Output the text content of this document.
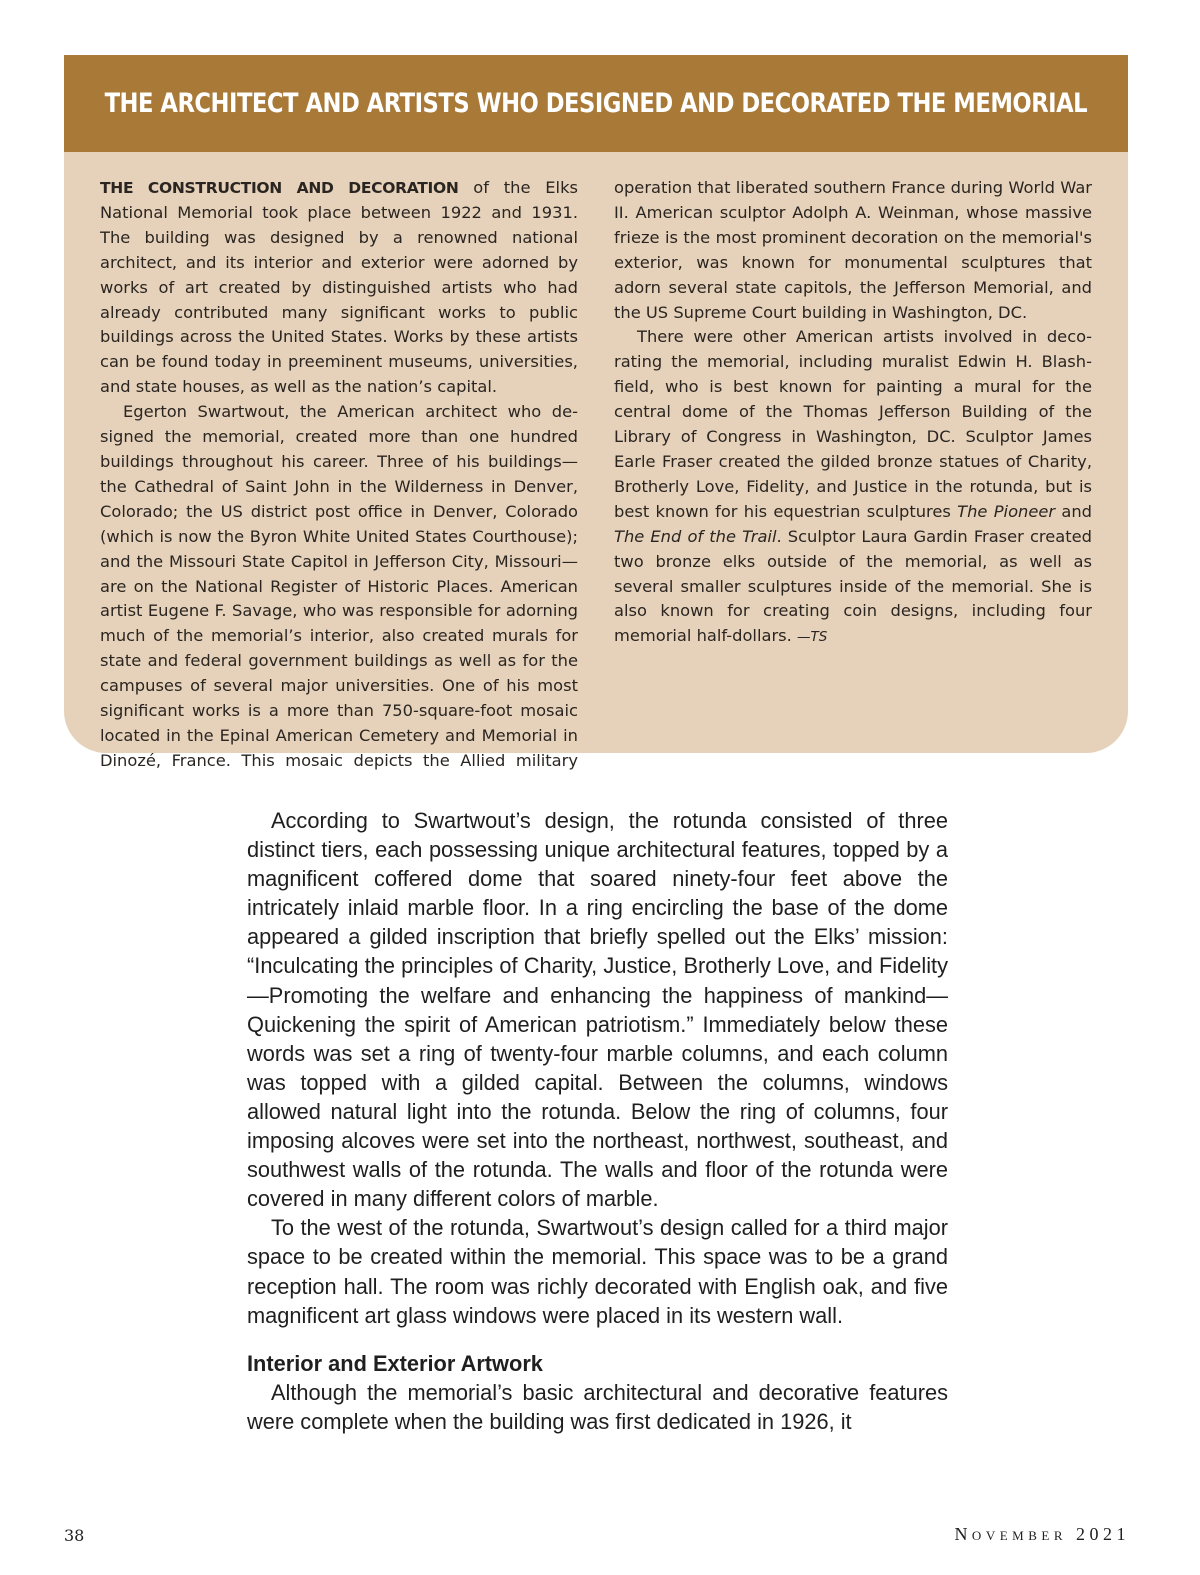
THE ARCHITECT AND ARTISTS WHO DESIGNED AND DECORATED THE MEMORIAL

THE CONSTRUCTION AND DECORATION of the Elks National Memorial took place between 1922 and 1931. The building was designed by a renowned national architect, and its interior and exterior were adorned by works of art created by distinguished artists who had already contributed many significant works to public buildings across the United States. Works by these artists can be found today in preeminent museums, universities, and state houses, as well as the nation’s capital.

Egerton Swartwout, the American architect who designed the memorial, created more than one hundred buildings throughout his career. Three of his buildings—the Cathedral of Saint John in the Wilderness in Denver, Colorado; the US district post office in Denver, Colorado (which is now the Byron White United States Courthouse); and the Missouri State Capitol in Jefferson City, Missouri—are on the National Register of Historic Places. American artist Eugene F. Savage, who was responsible for adorning much of the memorial’s interior, also created murals for state and federal government buildings as well as for the campuses of several major universities. One of his most significant works is a more than 750-square-foot mosaic located in the Epinal American Cemetery and Memorial in Dinozé, France. This mosaic depicts the Allied military

operation that liberated southern France during World War II. American sculptor Adolph A. Weinman, whose massive frieze is the most prominent decoration on the memorial's exterior, was known for monumental sculptures that adorn several state capitols, the Jefferson Memorial, and the US Supreme Court building in Washington, DC.

There were other American artists involved in decorating the memorial, including muralist Edwin H. Blashfield, who is best known for painting a mural for the central dome of the Thomas Jefferson Building of the Library of Congress in Washington, DC. Sculptor James Earle Fraser created the gilded bronze statues of Charity, Brotherly Love, Fidelity, and Justice in the rotunda, but is best known for his equestrian sculptures The Pioneer and The End of the Trail. Sculptor Laura Gardin Fraser created two bronze elks outside of the memorial, as well as several smaller sculptures inside of the memorial. She is also known for creating coin designs, including four memorial half-dollars. —TS

According to Swartwout’s design, the rotunda consisted of three distinct tiers, each possessing unique architectural features, topped by a magnificent coffered dome that soared ninety-four feet above the intricately inlaid marble floor. In a ring encircling the base of the dome appeared a gilded inscription that briefly spelled out the Elks’ mission: “Inculcating the principles of Charity, Justice, Brotherly Love, and Fidelity—Promoting the welfare and enhancing the happiness of mankind—Quickening the spirit of American patriotism.” Immediately below these words was set a ring of twenty-four marble columns, and each column was topped with a gilded capital. Between the columns, windows allowed natural light into the rotunda. Below the ring of columns, four imposing alcoves were set into the northeast, northwest, southeast, and southwest walls of the rotunda. The walls and floor of the rotunda were covered in many different colors of marble.

To the west of the rotunda, Swartwout’s design called for a third major space to be created within the memorial. This space was to be a grand reception hall. The room was richly decorated with English oak, and five magnificent art glass windows were placed in its western wall.

Interior and Exterior Artwork

Although the memorial’s basic architectural and decorative features were complete when the building was first dedicated in 1926, it

38	November 2021
